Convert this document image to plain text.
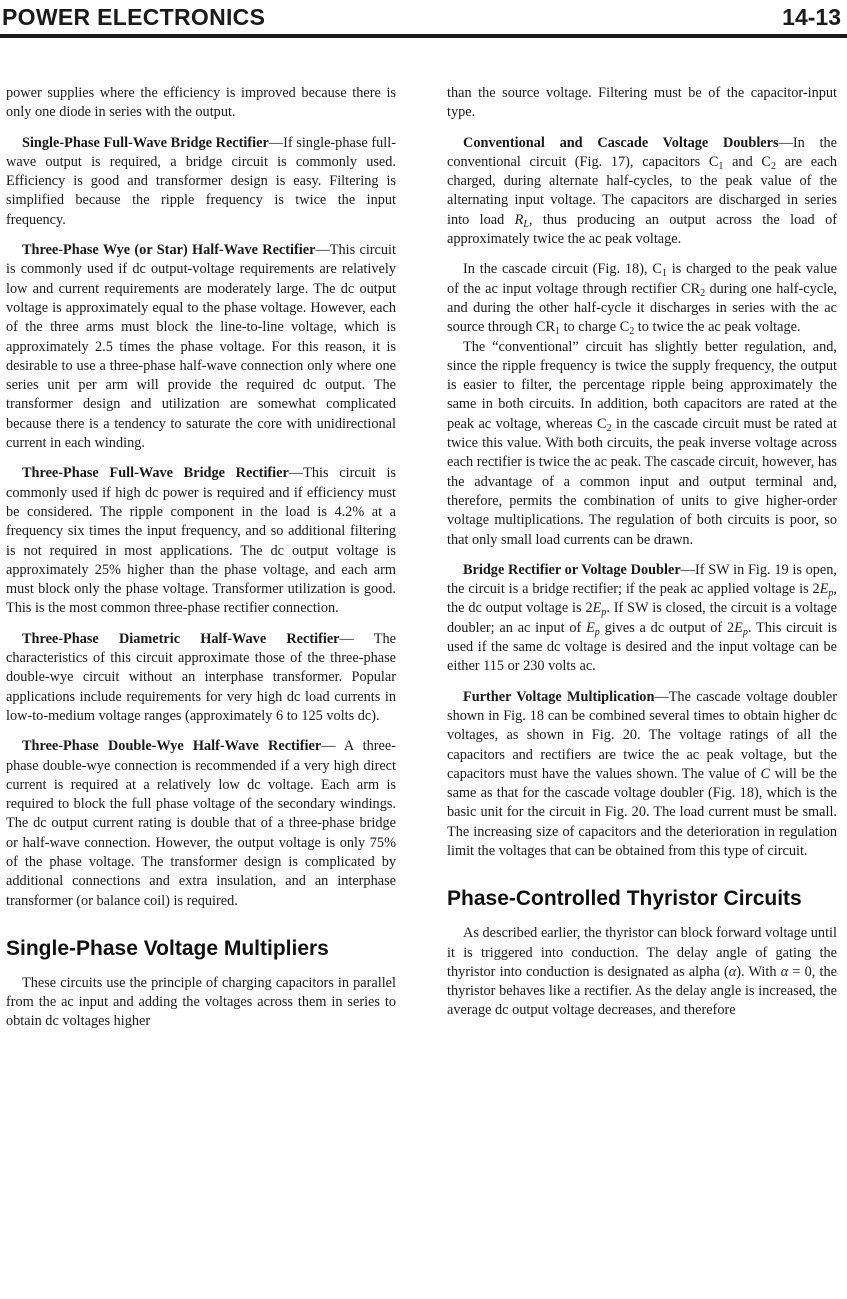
POWER ELECTRONICS	14-13

power supplies where the efficiency is improved because there is only one diode in series with the output.

Single-Phase Full-Wave Bridge Rectifier—If single-phase full-wave output is required, a bridge circuit is commonly used. Efficiency is good and transformer design is easy. Filtering is simplified because the ripple frequency is twice the input frequency.

Three-Phase Wye (or Star) Half-Wave Rectifier—This circuit is commonly used if dc output-voltage requirements are relatively low and current requirements are moderately large. The dc output voltage is approximately equal to the phase voltage. However, each of the three arms must block the line-to-line voltage, which is approximately 2.5 times the phase voltage. For this reason, it is desirable to use a three-phase half-wave connection only where one series unit per arm will provide the required dc output. The transformer design and utilization are somewhat complicated because there is a tendency to saturate the core with unidirectional current in each winding.

Three-Phase Full-Wave Bridge Rectifier—This circuit is commonly used if high dc power is required and if efficiency must be considered. The ripple component in the load is 4.2% at a frequency six times the input frequency, and so additional filtering is not required in most applications. The dc output voltage is approximately 25% higher than the phase voltage, and each arm must block only the phase voltage. Transformer utilization is good. This is the most common three-phase rectifier connection.

Three-Phase Diametric Half-Wave Rectifier— The characteristics of this circuit approximate those of the three-phase double-wye circuit without an interphase transformer. Popular applications include requirements for very high dc load currents in low-to-medium voltage ranges (approximately 6 to 125 volts dc).

Three-Phase Double-Wye Half-Wave Rectifier— A three-phase double-wye connection is recommended if a very high direct current is required at a relatively low dc voltage. Each arm is required to block the full phase voltage of the secondary windings. The dc output current rating is double that of a three-phase bridge or half-wave connection. However, the output voltage is only 75% of the phase voltage. The transformer design is complicated by additional connections and extra insulation, and an interphase transformer (or balance coil) is required.

Single-Phase Voltage Multipliers

These circuits use the principle of charging capacitors in parallel from the ac input and adding the voltages across them in series to obtain dc voltages higher

than the source voltage. Filtering must be of the capacitor-input type.

Conventional and Cascade Voltage Doublers—In the conventional circuit (Fig. 17), capacitors $C_1$ and $C_2$ are each charged, during alternate half-cycles, to the peak value of the alternating input voltage. The capacitors are discharged in series into load $R_L$, thus producing an output across the load of approximately twice the ac peak voltage.

In the cascade circuit (Fig. 18), $C_1$ is charged to the peak value of the ac input voltage through rectifier $CR_2$ during one half-cycle, and during the other half-cycle it discharges in series with the ac source through $CR_1$ to charge $C_2$ to twice the ac peak voltage.

The “conventional” circuit has slightly better regulation, and, since the ripple frequency is twice the supply frequency, the output is easier to filter, the percentage ripple being approximately the same in both circuits. In addition, both capacitors are rated at the peak ac voltage, whereas $C_2$ in the cascade circuit must be rated at twice this value. With both circuits, the peak inverse voltage across each rectifier is twice the ac peak. The cascade circuit, however, has the advantage of a common input and output terminal and, therefore, permits the combination of units to give higher-order voltage multiplications. The regulation of both circuits is poor, so that only small load currents can be drawn.

Bridge Rectifier or Voltage Doubler—If SW in Fig. 19 is open, the circuit is a bridge rectifier; if the peak ac applied voltage is $2E_p$, the dc output voltage is $2E_p$. If SW is closed, the circuit is a voltage doubler; an ac input of $E_p$ gives a dc output of $2E_p$. This circuit is used if the same dc voltage is desired and the input voltage can be either 115 or 230 volts ac.

Further Voltage Multiplication—The cascade voltage doubler shown in Fig. 18 can be combined several times to obtain higher dc voltages, as shown in Fig. 20. The voltage ratings of all the capacitors and rectifiers are twice the ac peak voltage, but the capacitors must have the values shown. The value of C will be the same as that for the cascade voltage doubler (Fig. 18), which is the basic unit for the circuit in Fig. 20. The load current must be small. The increasing size of capacitors and the deterioration in regulation limit the voltages that can be obtained from this type of circuit.

Phase-Controlled Thyristor Circuits

As described earlier, the thyristor can block forward voltage until it is triggered into conduction. The delay angle of gating the thyristor into conduction is designated as alpha (α). With α = 0, the thyristor behaves like a rectifier. As the delay angle is increased, the average dc output voltage decreases, and therefore
